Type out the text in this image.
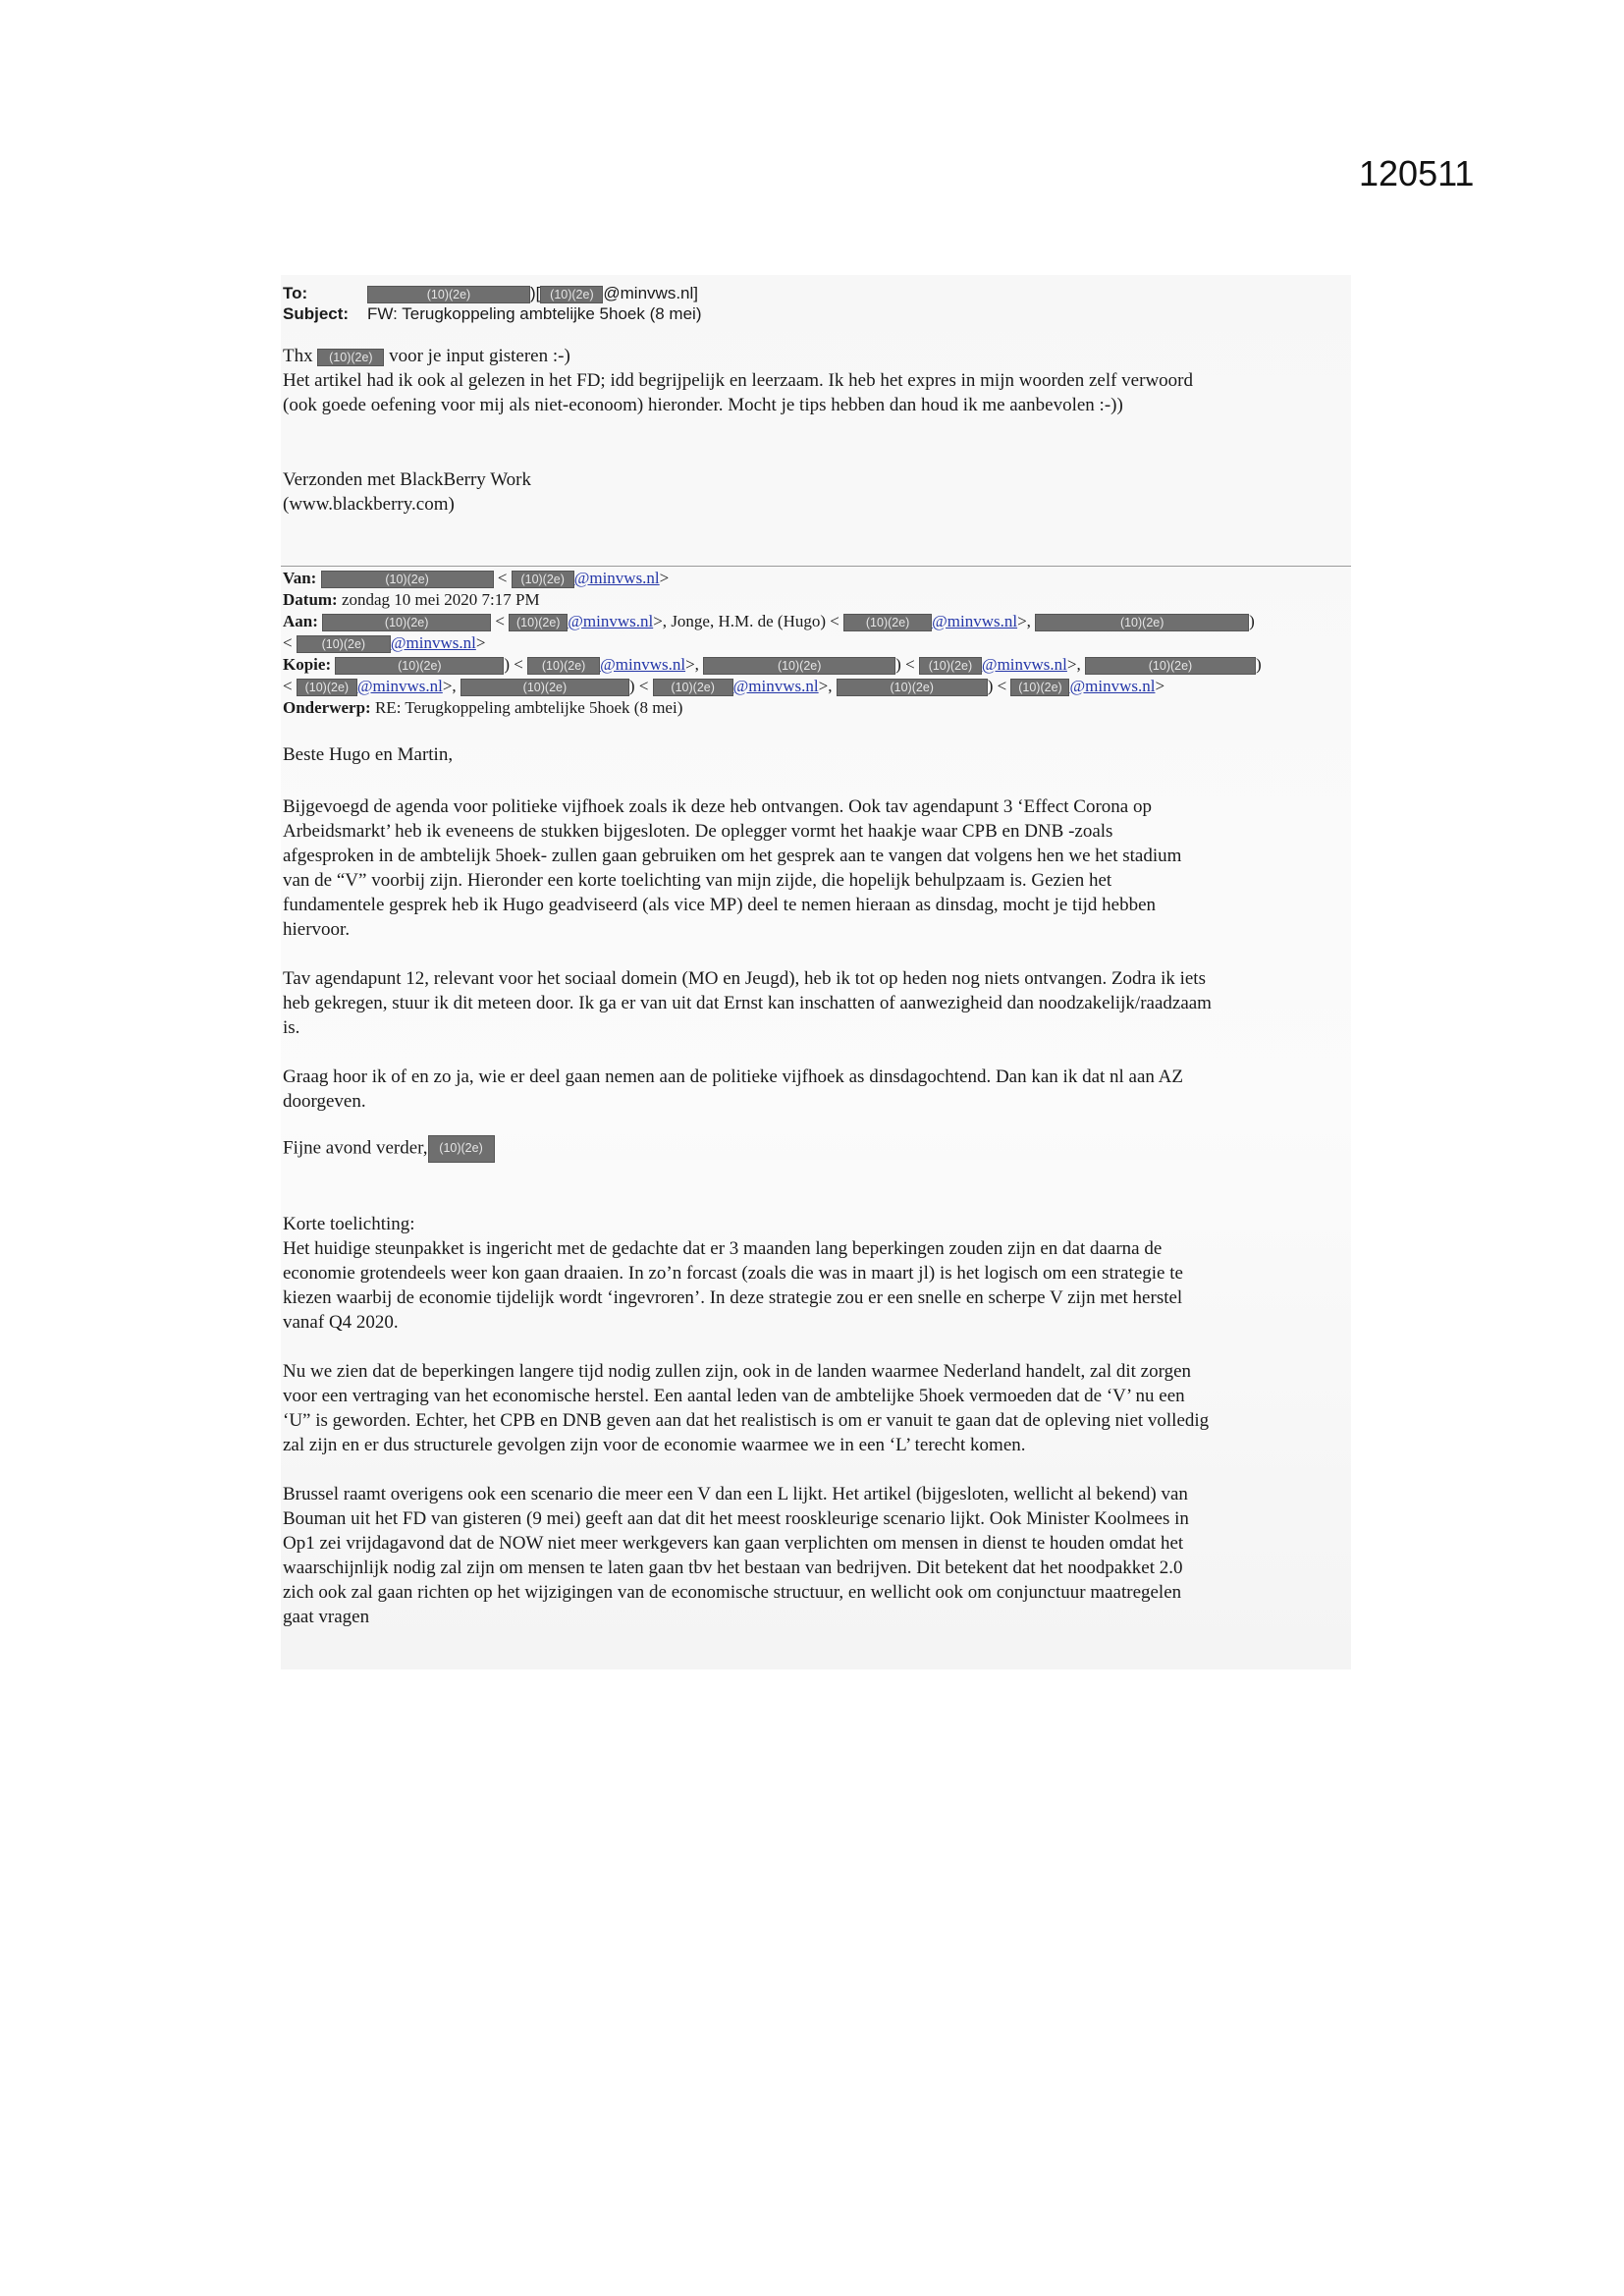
120511
To:	(10)(2e)	)[ (10)(2e) @minvws.nl]
Subject: FW: Terugkoppeling ambtelijke 5hoek (8 mei)

Thx (10)(2e) voor je input gisteren :-)

Het artikel had ik ook al gelezen in het FD; idd begrijpelijk en leerzaam. Ik heb het expres in mijn woorden zelf verwoord

(ook goede oefening voor mij als niet-econoom) hieronder. Mocht je tips hebben dan houd ik me aanbevolen :-))

Verzonden met BlackBerry Work

(www.blackberry.com)

Van:	(10)(2e)	< (10)(2e) @minvws.nl>
Datum: zondag 10 mei 2020 7:17 PM
Aan:	(10)(2e)	< (10)(2e) @minvws.nl>, Jonge, H.M. de (Hugo) < (10)(2e) @minvws.nl>,	(10)(2e)	)
< (10)(2e) @minvws.nl>
Kopie:	(10)(2e)	) < (10)(2e) @minvws.nl>,	(10)(2e)	) < (10)(2e) @minvws.nl>,	(10)(2e)	)
< (10)(2e) @minvws.nl>,	(10)(2e)	) < (10)(2e) @minvws.nl>,	(10)(2e)	) < (10)(2e) @minvws.nl>
Onderwerp: RE: Terugkoppeling ambtelijke 5hoek (8 mei)

Beste Hugo en Martin,

Bijgevoegd de agenda voor politieke vijfhoek zoals ik deze heb ontvangen. Ook tav agendapunt 3 ‘Effect Corona op

Arbeidsmarkt’ heb ik eveneens de stukken bijgesloten. De oplegger vormt het haakje waar CPB en DNB -zoals

afgesproken in de ambtelijk 5hoek- zullen gaan gebruiken om het gesprek aan te vangen dat volgens hen we het stadium

van de “V” voorbij zijn. Hieronder een korte toelichting van mijn zijde, die hopelijk behulpzaam is. Gezien het

fundamentele gesprek heb ik Hugo geadviseerd (als vice MP) deel te nemen hieraan as dinsdag, mocht je tijd hebben

hiervoor.

Tav agendapunt 12, relevant voor het sociaal domein (MO en Jeugd), heb ik tot op heden nog niets ontvangen. Zodra ik iets

heb gekregen, stuur ik dit meteen door. Ik ga er van uit dat Ernst kan inschatten of aanwezigheid dan noodzakelijk/raadzaam

is.

Graag hoor ik of en zo ja, wie er deel gaan nemen aan de politieke vijfhoek as dinsdagochtend. Dan kan ik dat nl aan AZ

doorgeven.

Fijne avond verder, (10)(2e)

Korte toelichting:

Het huidige steunpakket is ingericht met de gedachte dat er 3 maanden lang beperkingen zouden zijn en dat daarna de

economie grotendeels weer kon gaan draaien. In zo’n forcast (zoals die was in maart jl) is het logisch om een strategie te

kiezen waarbij de economie tijdelijk wordt ‘ingevroren’. In deze strategie zou er een snelle en scherpe V zijn met herstel

vanaf Q4 2020.

Nu we zien dat de beperkingen langere tijd nodig zullen zijn, ook in de landen waarmee Nederland handelt, zal dit zorgen

voor een vertraging van het economische herstel. Een aantal leden van de ambtelijke 5hoek vermoeden dat de ‘V’ nu een

‘U” is geworden. Echter, het CPB en DNB geven aan dat het realistisch is om er vanuit te gaan dat de opleving niet volledig

zal zijn en er dus structurele gevolgen zijn voor de economie waarmee we in een ‘L’ terecht komen.

Brussel raamt overigens ook een scenario die meer een V dan een L lijkt. Het artikel (bijgesloten, wellicht al bekend) van

Bouman uit het FD van gisteren (9 mei) geeft aan dat dit het meest rooskleurige scenario lijkt. Ook Minister Koolmees in

Op1 zei vrijdagavond dat de NOW niet meer werkgevers kan gaan verplichten om mensen in dienst te houden omdat het

waarschijnlijk nodig zal zijn om mensen te laten gaan tbv het bestaan van bedrijven. Dit betekent dat het noodpakket 2.0

zich ook zal gaan richten op het wijzigingen van de economische structuur, en wellicht ook om conjunctuur maatregelen

gaat vragen
